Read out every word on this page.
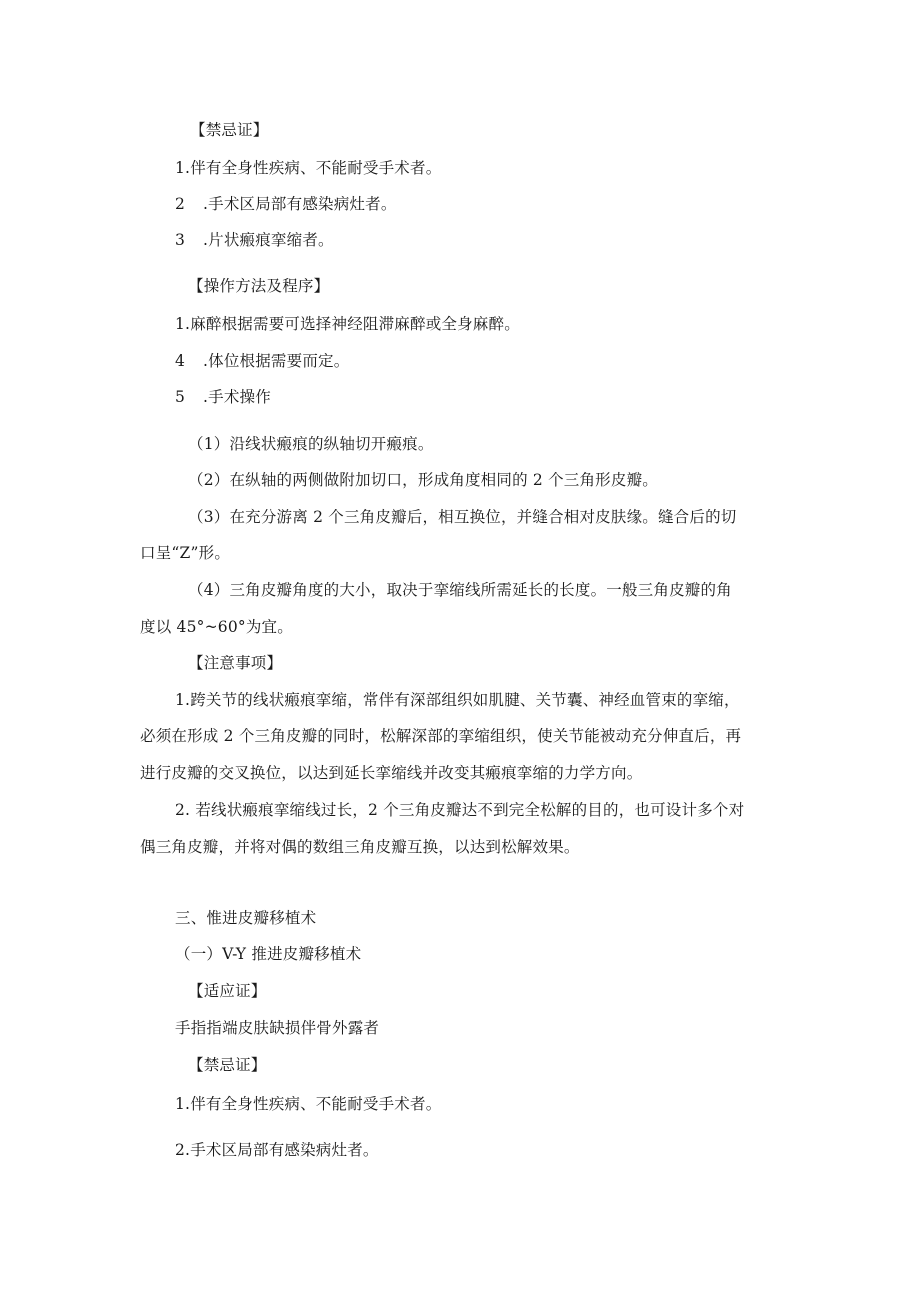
【禁忌证】
1.伴有全身性疾病、不能耐受手术者。
2 .手术区局部有感染病灶者。
3 .片状瘢痕挛缩者。
【操作方法及程序】
1.麻醉根据需要可选择神经阻滞麻醉或全身麻醉。
4 .体位根据需要而定。
5 .手术操作
（1）沿线状瘢痕的纵轴切开瘢痕。
（2）在纵轴的两侧做附加切口，形成角度相同的 2 个三角形皮瓣。
（3）在充分游离 2 个三角皮瓣后，相互换位，并缝合相对皮肤缘。缝合后的切
口呈“Z”形。
（4）三角皮瓣角度的大小，取决于挛缩线所需延长的长度。一般三角皮瓣的角
度以 45°~60°为宜。
【注意事项】
1.跨关节的线状瘢痕挛缩，常伴有深部组织如肌腱、关节囊、神经血管束的挛缩，
必须在形成 2 个三角皮瓣的同时，松解深部的挛缩组织，使关节能被动充分伸直后，再
进行皮瓣的交叉换位，以达到延长挛缩线并改变其瘢痕挛缩的力学方向。
2. 若线状瘢痕挛缩线过长，2 个三角皮瓣达不到完全松解的目的，也可设计多个对
偶三角皮瓣，并将对偶的数组三角皮瓣互换，以达到松解效果。
三、惟进皮瓣移植术
（一）V-Y 推进皮瓣移植术
【适应证】
手指指端皮肤缺损伴骨外露者
【禁忌证】
1.伴有全身性疾病、不能耐受手术者。
2.手术区局部有感染病灶者。
